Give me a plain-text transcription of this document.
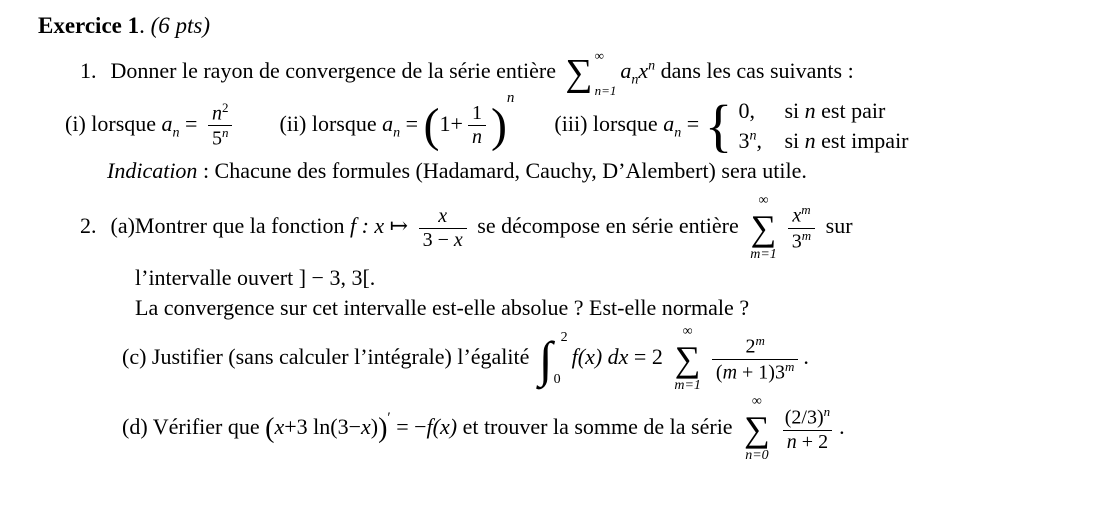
Exercice 1. (6 pts)
1. Donner le rayon de convergence de la série entière ∑ ∞
n=1
$a_nx^n$ dans les cas suivants :
(i) lorsque $a_n = \frac{n^2}{5^n} (ii)$ lorsque $a_n = (1+ \frac{1}{n} )^n(iii)$ lorsque $a_n$ = { 0,	si n est pair
3$^n$,	si n est impair
Indication : Chacune des formules (Hadamard, Cauchy, D’Alembert) sera utile.
2. (a)Montrer que la fonction f : x ↦ $\frac{x}{3 - x}$ se décompose en série entière
∞
∑
m=1
$\frac{x^m}{3^m}$ sur
l’intervalle ouvert ] − 3, 3[.
La convergence sur cet intervalle est-elle absolue ? Est-elle normale ?
(c) Justifier (sans calculer l’intégrale) l’égalité ∫ 2
0
f(x) dx = 2
∞
∑
m=1
$\frac{2^m}{(m + 1)3^m}$ .
(d) Vérifier que (x+3 ln(3−x))′ = −f(x) et trouver la somme de la série
∞
∑
n=0
$\frac{(2/3)^n}{n + 2}$ .
